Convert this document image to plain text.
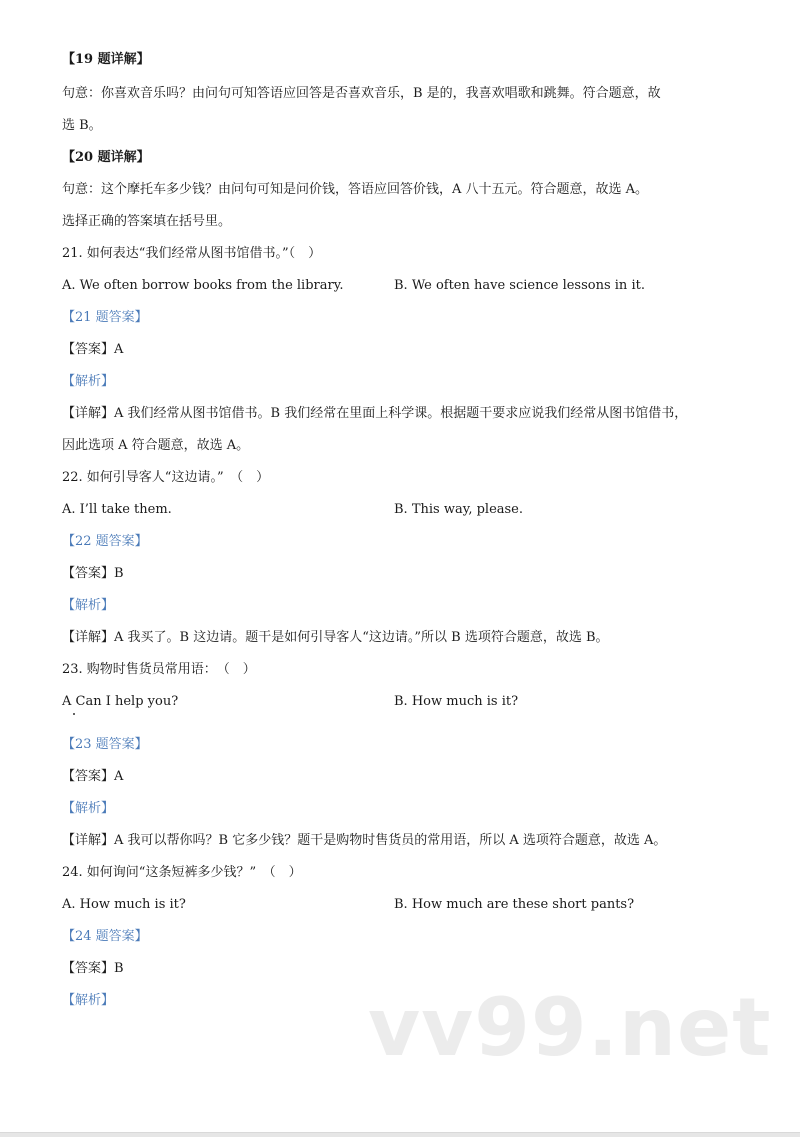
【19 题详解】
句意：你喜欢音乐吗？由问句可知答语应回答是否喜欢音乐，B 是的，我喜欢唱歌和跳舞。符合题意，故
选 B。
【20 题详解】
句意：这个摩托车多少钱？由问句可知是问价钱，答语应回答价钱，A 八十五元。符合题意，故选 A。
选择正确的答案填在括号里。
21. 如何表达“我们经常从图书馆借书。”（　）
A. We often borrow books from the library.	B. We often have science lessons in it.
【21 题答案】
【答案】A
【解析】
【详解】A 我们经常从图书馆借书。B 我们经常在里面上科学课。根据题干要求应说我们经常从图书馆借书，
因此选项 A 符合题意，故选 A。
22. 如何引导客人“这边请。”　（　）
A. I’ll take them.	B. This way, please.
【22 题答案】
【答案】B
【解析】
【详解】A 我买了。B 这边请。题干是如何引导客人“这边请。”所以 B 选项符合题意，故选 B。
23. 购物时售货员常用语：　（　）
A Can I help you?	B. How much is it?
【23 题答案】
【答案】A
【解析】
【详解】A 我可以帮你吗？B 它多少钱？题干是购物时售货员的常用语，所以 A 选项符合题意，故选 A。
24. 如何询问“这条短裤多少钱？”　（　）
A. How much is it?	B. How much are these short pants?
【24 题答案】
【答案】B
【解析】	vv99.net
